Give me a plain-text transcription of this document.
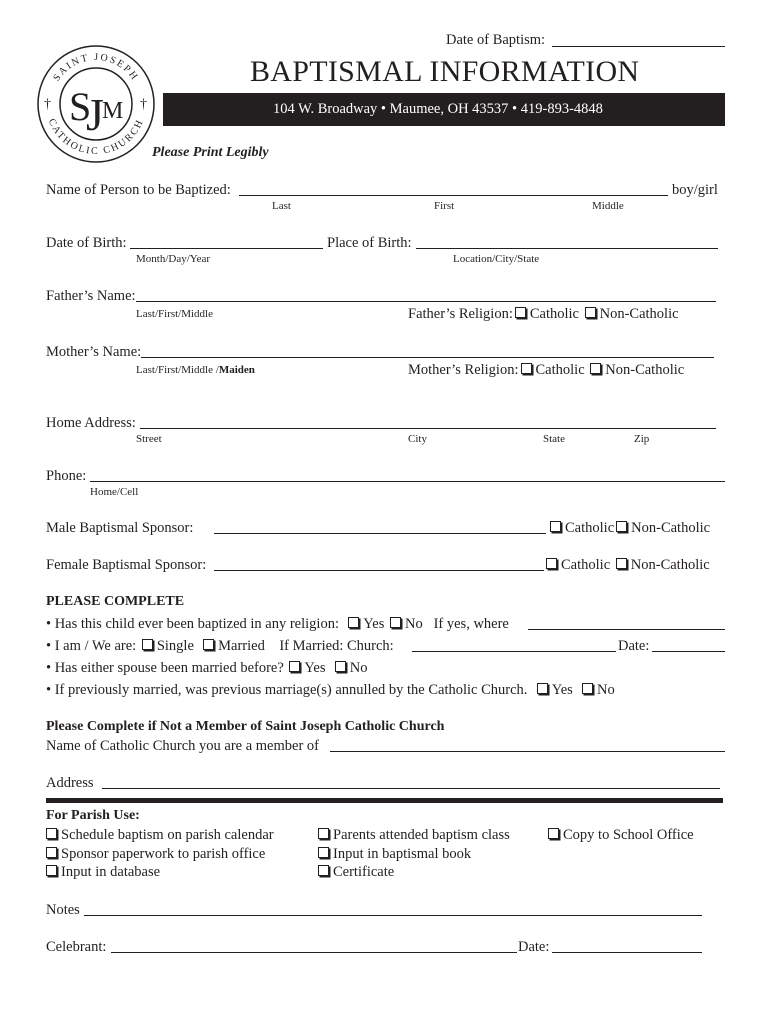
Date of Baptism:
SAINT JOSEPH
CATHOLIC CHURCH
†	†
S
J
M
BAPTISMAL INFORMATION
104 W. Broadway • Maumee, OH 43537 • 419-893-4848
Please Print Legibly
Name of Person to be Baptized:	boy/girl
Last	First	Middle
Date of Birth:	Place of Birth:
Month/Day/Year	Location/City/State
Father’s Name:
Last/First/Middle	Father’s Religion: Catholic Non-Catholic
Mother’s Name:
Last/First/Middle /Maiden	Mother’s Religion: Catholic Non-Catholic
Home Address:
Street	City	State	Zip
Phone:
Home/Cell
Male Baptismal Sponsor:	Catholic Non-Catholic
Female Baptismal Sponsor:	Catholic Non-Catholic
PLEASE COMPLETE
• Has this child ever been baptized in any religion: Yes No If yes, where
• I am / We are: Single Married If Married: Church:	Date:
• Has either spouse been married before? Yes No
• If previously married, was previous marriage(s) annulled by the Catholic Church. Yes No
Please Complete if Not a Member of Saint Joseph Catholic Church
Name of Catholic Church you are a member of
Address
For Parish Use:
Schedule baptism on parish calendar	Parents attended baptism class	Copy to School Office
Sponsor paperwork to parish office	Input in baptismal book
Input in database	Certificate
Notes
Celebrant:	Date:
